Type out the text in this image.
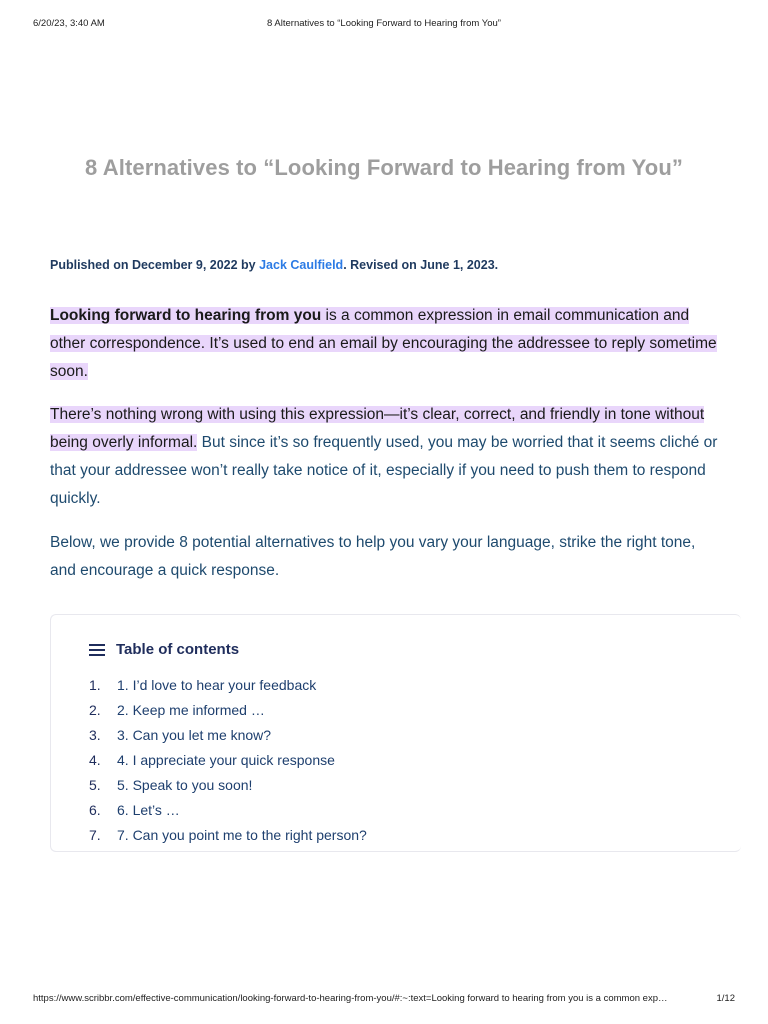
6/20/23, 3:40 AM	8 Alternatives to “Looking Forward to Hearing from You”
8 Alternatives to “Looking Forward to Hearing from You”
Published on December 9, 2022 by Jack Caulfield. Revised on June 1, 2023.
Looking forward to hearing from you is a common expression in email communication and other correspondence. It’s used to end an email by encouraging the addressee to reply sometime soon.
There’s nothing wrong with using this expression—it’s clear, correct, and friendly in tone without being overly informal. But since it’s so frequently used, you may be worried that it seems cliché or that your addressee won’t really take notice of it, especially if you need to push them to respond quickly.
Below, we provide 8 potential alternatives to help you vary your language, strike the right tone, and encourage a quick response.
Table of contents
1.	1. I’d love to hear your feedback
2.	2. Keep me informed …
3.	3. Can you let me know?
4.	4. I appreciate your quick response
5.	5. Speak to you soon!
6.	6. Let’s …
7.	7. Can you point me to the right person?
https://www.scribbr.com/effective-communication/looking-forward-to-hearing-from-you/#:~:text=Looking forward to hearing from you is a common exp…	1/12
